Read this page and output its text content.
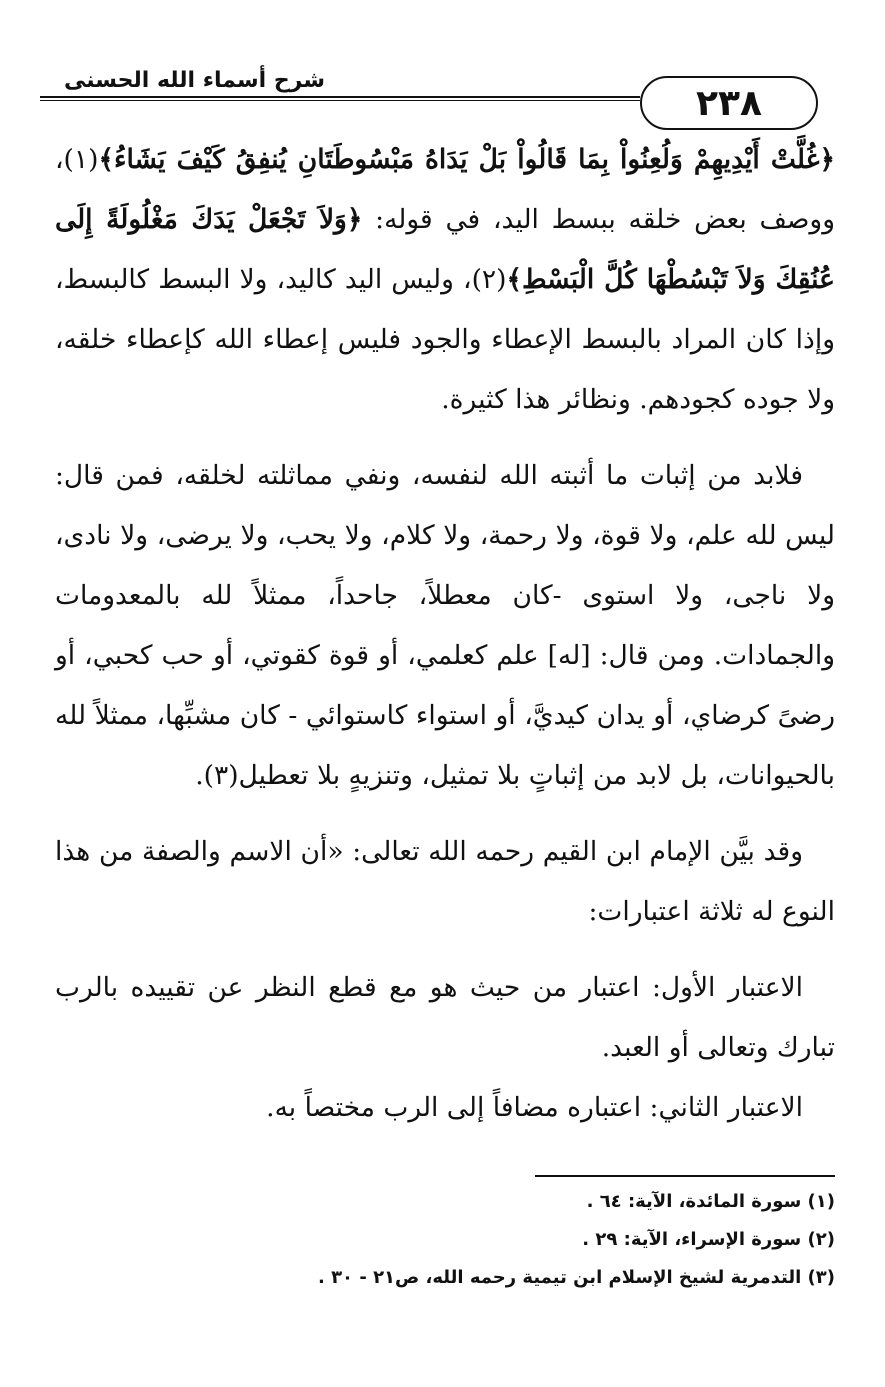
شرح أسماء الله الحسنى
٢٣٨

﴿غُلَّتْ أَيْدِيهِمْ وَلُعِنُواْ بِمَا قَالُواْ بَلْ يَدَاهُ مَبْسُوطَتَانِ يُنفِقُ كَيْفَ يَشَاءُ﴾(١)، ووصف بعض خلقه ببسط اليد، في قوله: ﴿وَلاَ تَجْعَلْ يَدَكَ مَغْلُولَةً إِلَى عُنُقِكَ وَلاَ تَبْسُطْهَا كُلَّ الْبَسْطِ﴾(٢)، وليس اليد كاليد، ولا البسط كالبسط، وإذا كان المراد بالبسط الإعطاء والجود فليس إعطاء الله كإعطاء خلقه، ولا جوده كجودهم. ونظائر هذا كثيرة.

فلابد من إثبات ما أثبته الله لنفسه، ونفي مماثلته لخلقه، فمن قال: ليس لله علم، ولا قوة، ولا رحمة، ولا كلام، ولا يحب، ولا يرضى، ولا نادى، ولا ناجى، ولا استوى -كان معطلاً، جاحداً، ممثلاً لله بالمعدومات والجمادات. ومن قال: [له] علم كعلمي، أو قوة كقوتي، أو حب كحبي، أو رضىً كرضاي، أو يدان كيديَّ، أو استواء كاستوائي - كان مشبِّها، ممثلاً لله بالحيوانات، بل لابد من إثباتٍ بلا تمثيل، وتنزيهٍ بلا تعطيل(٣).

وقد بيَّن الإمام ابن القيم رحمه الله تعالى: «أن الاسم والصفة من هذا النوع له ثلاثة اعتبارات:

الاعتبار الأول: اعتبار من حيث هو مع قطع النظر عن تقييده بالرب تبارك وتعالى أو العبد.

الاعتبار الثاني: اعتباره مضافاً إلى الرب مختصاً به.

(١) سورة المائدة، الآية: ٦٤ .

(٢) سورة الإسراء، الآية: ٢٩ .

(٣) التدمرية لشيخ الإسلام ابن تيمية رحمه الله، ص٢١ - ٣٠ .
